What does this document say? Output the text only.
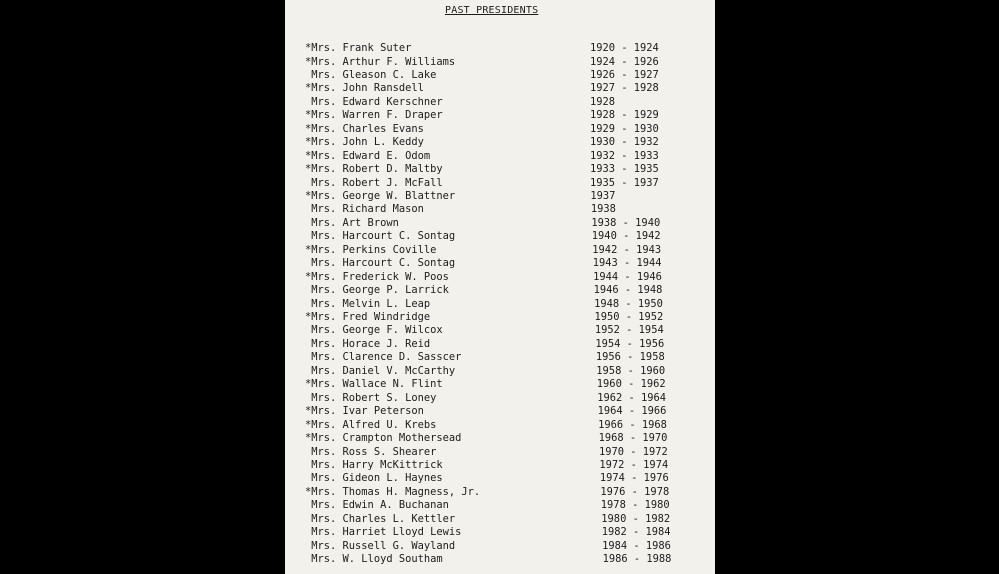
PAST PRESIDENTS
*Mrs. Frank Suter	1920 - 1924
*Mrs. Arthur F. Williams	1924 - 1926
Mrs. Gleason C. Lake	1926 - 1927
*Mrs. John Ransdell	1927 - 1928
Mrs. Edward Kerschner	1928
*Mrs. Warren F. Draper	1928 - 1929
*Mrs. Charles Evans	1929 - 1930
*Mrs. John L. Keddy	1930 - 1932
*Mrs. Edward E. Odom	1932 - 1933
*Mrs. Robert D. Maltby	1933 - 1935
Mrs. Robert J. McFall	1935 - 1937
*Mrs. George W. Blattner	1937
Mrs. Richard Mason	1938
Mrs. Art Brown	1938 - 1940
Mrs. Harcourt C. Sontag	1940 - 1942
*Mrs. Perkins Coville	1942 - 1943
Mrs. Harcourt C. Sontag	1943 - 1944
*Mrs. Frederick W. Poos	1944 - 1946
Mrs. George P. Larrick	1946 - 1948
Mrs. Melvin L. Leap	1948 - 1950
*Mrs. Fred Windridge	1950 - 1952
Mrs. George F. Wilcox	1952 - 1954
Mrs. Horace J. Reid	1954 - 1956
Mrs. Clarence D. Sasscer	1956 - 1958
Mrs. Daniel V. McCarthy	1958 - 1960
*Mrs. Wallace N. Flint	1960 - 1962
Mrs. Robert S. Loney	1962 - 1964
*Mrs. Ivar Peterson	1964 - 1966
*Mrs. Alfred U. Krebs	1966 - 1968
*Mrs. Crampton Mothersead	1968 - 1970
Mrs. Ross S. Shearer	1970 - 1972
Mrs. Harry McKittrick	1972 - 1974
Mrs. Gideon L. Haynes	1974 - 1976
*Mrs. Thomas H. Magness, Jr.	1976 - 1978
Mrs. Edwin A. Buchanan	1978 - 1980
Mrs. Charles L. Kettler	1980 - 1982
Mrs. Harriet Lloyd Lewis	1982 - 1984
Mrs. Russell G. Wayland	1984 - 1986
Mrs. W. Lloyd Southam	1986 - 1988
